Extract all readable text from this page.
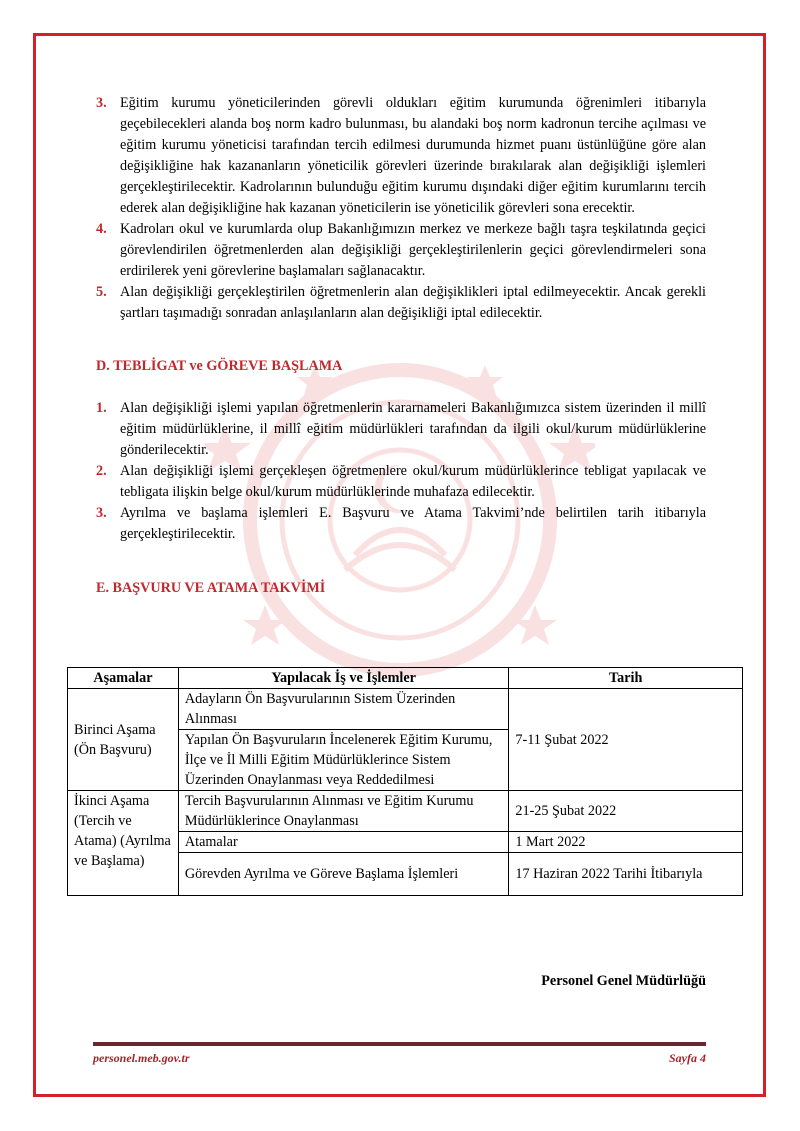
3. Eğitim kurumu yöneticilerinden görevli oldukları eğitim kurumunda öğrenimleri itibarıyla geçebilecekleri alanda boş norm kadro bulunması, bu alandaki boş norm kadronun tercihe açılması ve eğitim kurumu yöneticisi tarafından tercih edilmesi durumunda hizmet puanı üstünlüğüne göre alan değişikliğine hak kazananların yöneticilik görevleri üzerinde bırakılarak alan değişikliği işlemleri gerçekleştirilecektir. Kadrolarının bulunduğu eğitim kurumu dışındaki diğer eğitim kurumlarını tercih ederek alan değişikliğine hak kazanan yöneticilerin ise yöneticilik görevleri sona erecektir.
4. Kadroları okul ve kurumlarda olup Bakanlığımızın merkez ve merkeze bağlı taşra teşkilatında geçici görevlendirilen öğretmenlerden alan değişikliği gerçekleştirilenlerin geçici görevlendirmeleri sona erdirilerek yeni görevlerine başlamaları sağlanacaktır.
5. Alan değişikliği gerçekleştirilen öğretmenlerin alan değişiklikleri iptal edilmeyecektir. Ancak gerekli şartları taşımadığı sonradan anlaşılanların alan değişikliği iptal edilecektir.
D. TEBLİGAT ve GÖREVE BAŞLAMA
1. Alan değişikliği işlemi yapılan öğretmenlerin kararnameleri Bakanlığımızca sistem üzerinden il millî eğitim müdürlüklerine, il millî eğitim müdürlükleri tarafından da ilgili okul/kurum müdürlüklerine gönderilecektir.
2. Alan değişikliği işlemi gerçekleşen öğretmenlere okul/kurum müdürlüklerince tebligat yapılacak ve tebligata ilişkin belge okul/kurum müdürlüklerinde muhafaza edilecektir.
3. Ayrılma ve başlama işlemleri E. Başvuru ve Atama Takvimi’nde belirtilen tarih itibarıyla gerçekleştirilecektir.
E. BAŞVURU VE ATAMA TAKVİMİ
Aşamalar	Yapılacak İş ve İşlemler	Tarih
Birinci Aşama (Ön Başvuru)	Adayların Ön Başvurularının Sistem Üzerinden Alınması	7-11 Şubat 2022
	Yapılan Ön Başvuruların İncelenerek Eğitim Kurumu, İlçe ve İl Milli Eğitim Müdürlüklerince Sistem Üzerinden Onaylanması veya Reddedilmesi	
İkinci Aşama (Tercih ve Atama) (Ayrılma ve Başlama)	Tercih Başvurularının Alınması ve Eğitim Kurumu Müdürlüklerince Onaylanması	21-25 Şubat 2022
	Atamalar	1 Mart 2022
	Görevden Ayrılma ve Göreve Başlama İşlemleri	17 Haziran 2022 Tarihi İtibarıyla
Personel Genel Müdürlüğü
personel.meb.gov.tr	Sayfa 4
